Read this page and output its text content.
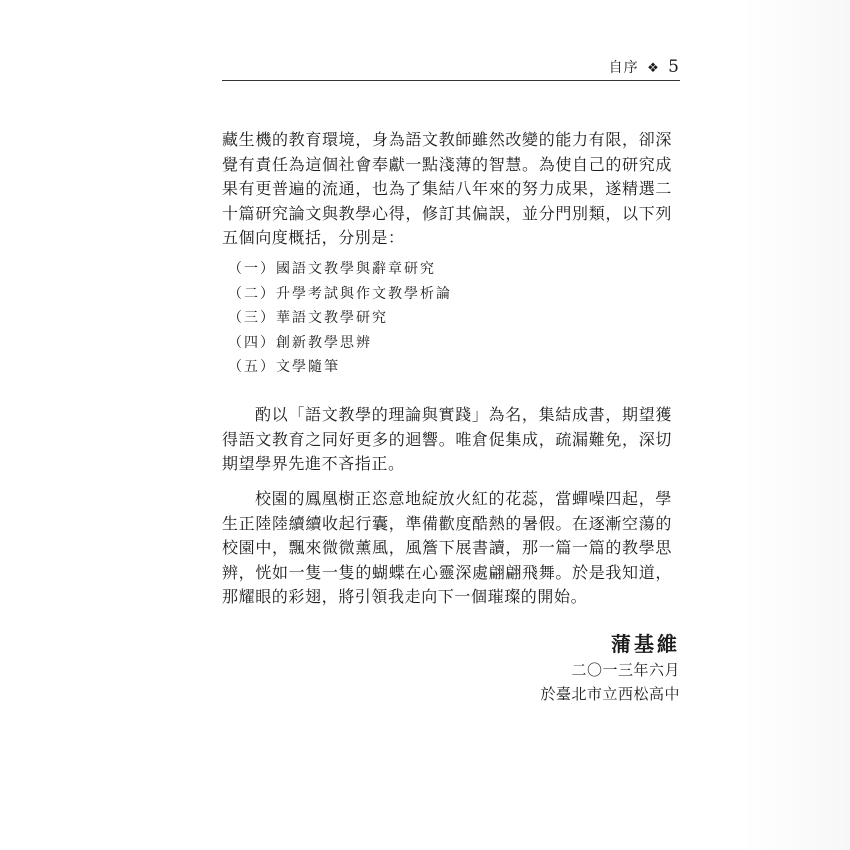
自序 ❖ 5

藏生機的教育環境，身為語文教師雖然改變的能力有限，卻深覺有責任為這個社會奉獻一點淺薄的智慧。為使自己的研究成果有更普遍的流通，也為了集結八年來的努力成果，遂精選二十篇研究論文與教學心得，修訂其偏誤，並分門別類，以下列五個向度概括，分別是：

（一）國語文教學與辭章研究
（二）升學考試與作文教學析論
（三）華語文教學研究
（四）創新教學思辨
（五）文學隨筆

酌以「語文教學的理論與實踐」為名，集結成書，期望獲得語文教育之同好更多的迴響。唯倉促集成，疏漏難免，深切期望學界先進不吝指正。

校園的鳳凰樹正恣意地綻放火紅的花蕊，當蟬噪四起，學生正陸陸續續收起行囊，準備歡度酷熱的暑假。在逐漸空蕩的校園中，飄來微微薰風，風簷下展書讀，那一篇一篇的教學思辨，恍如一隻一隻的蝴蝶在心靈深處翩翩飛舞。於是我知道，那耀眼的彩翅，將引領我走向下一個璀璨的開始。

蒲基維
二〇一三年六月
於臺北市立西松高中
